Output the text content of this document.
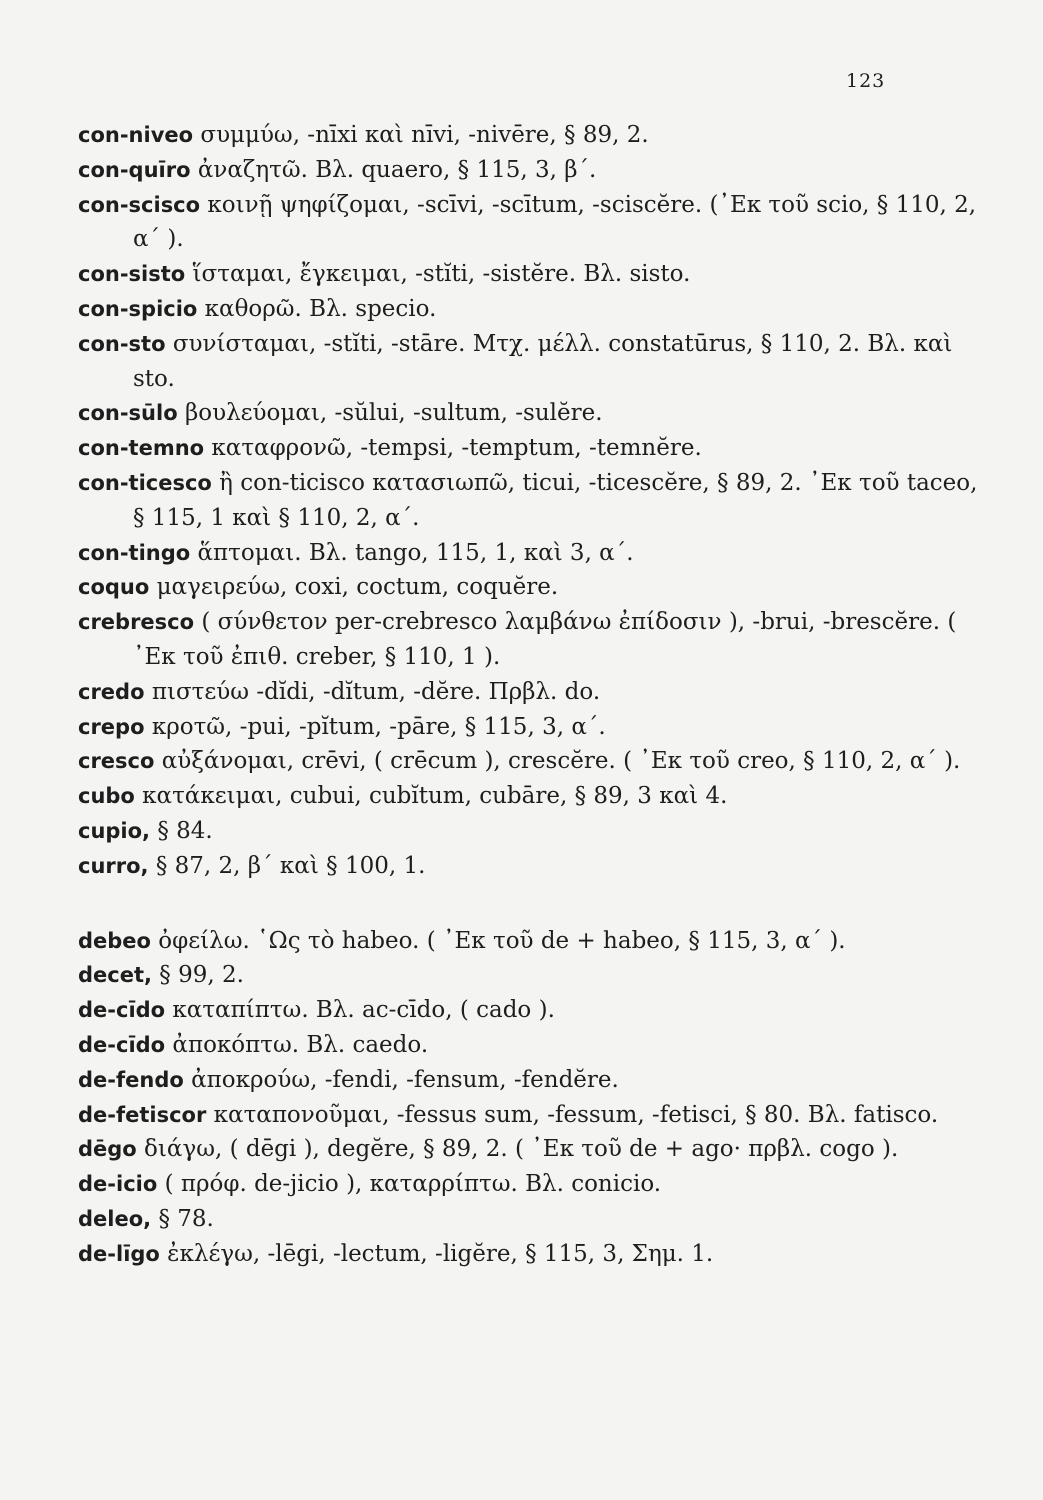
123

con-niveo συμμύω, -nīxi καὶ nīvi, -nivēre, § 89, 2.

con-quīro ἀναζητῶ. Βλ. quaero, § 115, 3, β΄.

con-scisco κοινῇ ψηφίζομαι, -scīvi, -scītum, -sciscĕre. (᾽Εκ τοῦ scio, § 110, 2, α΄ ).

con-sisto ἵσταμαι, ἔγκειμαι, -stĭti, -sistĕre. Βλ. sisto.

con-spicio καθορῶ. Βλ. specio.

con-sto συνίσταμαι, -stĭti, -stāre. Μτχ. μέλλ. constatūrus, § 110, 2. Βλ. καὶ sto.

con-sūlo βουλεύομαι, -sŭlui, -sultum, -sulĕre.

con-temno καταφρονῶ, -tempsi, -temptum, -temnĕre.

con-ticesco ἢ con-ticisco κατασιωπῶ, ticui, -ticescĕre, § 89, 2. ᾽Εκ τοῦ taceo, § 115, 1 καὶ § 110, 2, α΄.

con-tingo ἅπτομαι. Βλ. tango, 115, 1, καὶ 3, α΄.

coquo μαγειρεύω, coxi, coctum, coquĕre.

crebresco ( σύνθετον per-crebresco λαμβάνω ἐπίδοσιν ), -brui, -brescĕre. ( ᾽Εκ τοῦ ἐπιθ. creber, § 110, 1 ).

credo πιστεύω -dĭdi, -dĭtum, -dĕre. Πρβλ. do.

crepo κροτῶ, -pui, -pĭtum, -pāre, § 115, 3, α΄.

cresco αὐξάνομαι, crēvi, ( crēcum ), crescĕre. ( ᾽Εκ τοῦ creo, § 110, 2, α΄ ).

cubo κατάκειμαι, cubui, cubĭtum, cubāre, § 89, 3 καὶ 4.

cupio, § 84.

curro, § 87, 2, β΄ καὶ § 100, 1.

debeo ὀφείλω. ῾Ως τὸ habeo. ( ᾽Εκ τοῦ de + habeo, § 115, 3, α΄ ).

decet, § 99, 2.

de-cīdo καταπίπτω. Βλ. ac-cīdo, ( cado ).

de-cīdo ἀποκόπτω. Βλ. caedo.

de-fendo ἀποκρούω, -fendi, -fensum, -fendĕre.

de-fetiscor καταπονοῦμαι, -fessus sum, -fessum, -fetisci, § 80. Βλ. fatisco.

dēgo διάγω, ( dēgi ), degĕre, § 89, 2. ( ᾽Εκ τοῦ de + ago· πρβλ. cogo ).

de-icio ( πρόφ. de-jicio ), καταρρίπτω. Βλ. conicio.

deleo, § 78.

de-līgo ἐκλέγω, -lēgi, -lectum, -ligĕre, § 115, 3, Σημ. 1.
